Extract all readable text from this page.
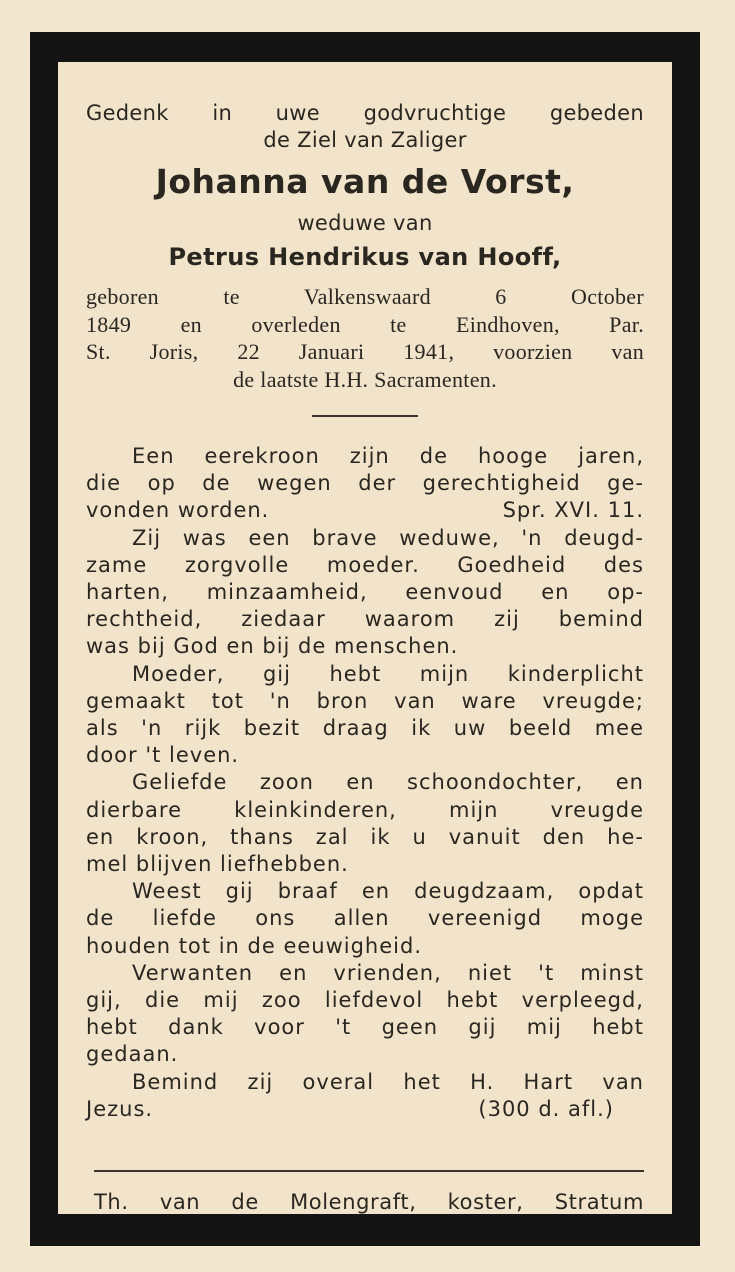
Gedenk in uwe godvruchtige gebeden
de Ziel van Zaliger
Johanna van de Vorst,
weduwe van
Petrus Hendrikus van Hooff,
geboren te Valkenswaard 6 October
1849 en overleden te Eindhoven, Par.
St. Joris, 22 Januari 1941, voorzien van
de laatste H.H. Sacramenten.
Een eerekroon zijn de hooge jaren,
die op de wegen der gerechtigheid ge-
vonden worden.	Spr. XVI. 11.
Zij was een brave weduwe, 'n deugd-
zame zorgvolle moeder. Goedheid des
harten, minzaamheid, eenvoud en op-
rechtheid, ziedaar waarom zij bemind
was bij God en bij de menschen.
Moeder, gij hebt mijn kinderplicht
gemaakt tot 'n bron van ware vreugde;
als 'n rijk bezit draag ik uw beeld mee
door 't leven.
Geliefde zoon en schoondochter, en
dierbare kleinkinderen, mijn vreugde
en kroon, thans zal ik u vanuit den he-
mel blijven liefhebben.
Weest gij braaf en deugdzaam, opdat
de liefde ons allen vereenigd moge
houden tot in de eeuwigheid.
Verwanten en vrienden, niet 't minst
gij, die mij zoo liefdevol hebt verpleegd,
hebt dank voor 't geen gij mij hebt
gedaan.
Bemind zij overal het H. Hart van
Jezus.	(300 d. afl.)
Th. van de Molengraft, koster, Stratum
